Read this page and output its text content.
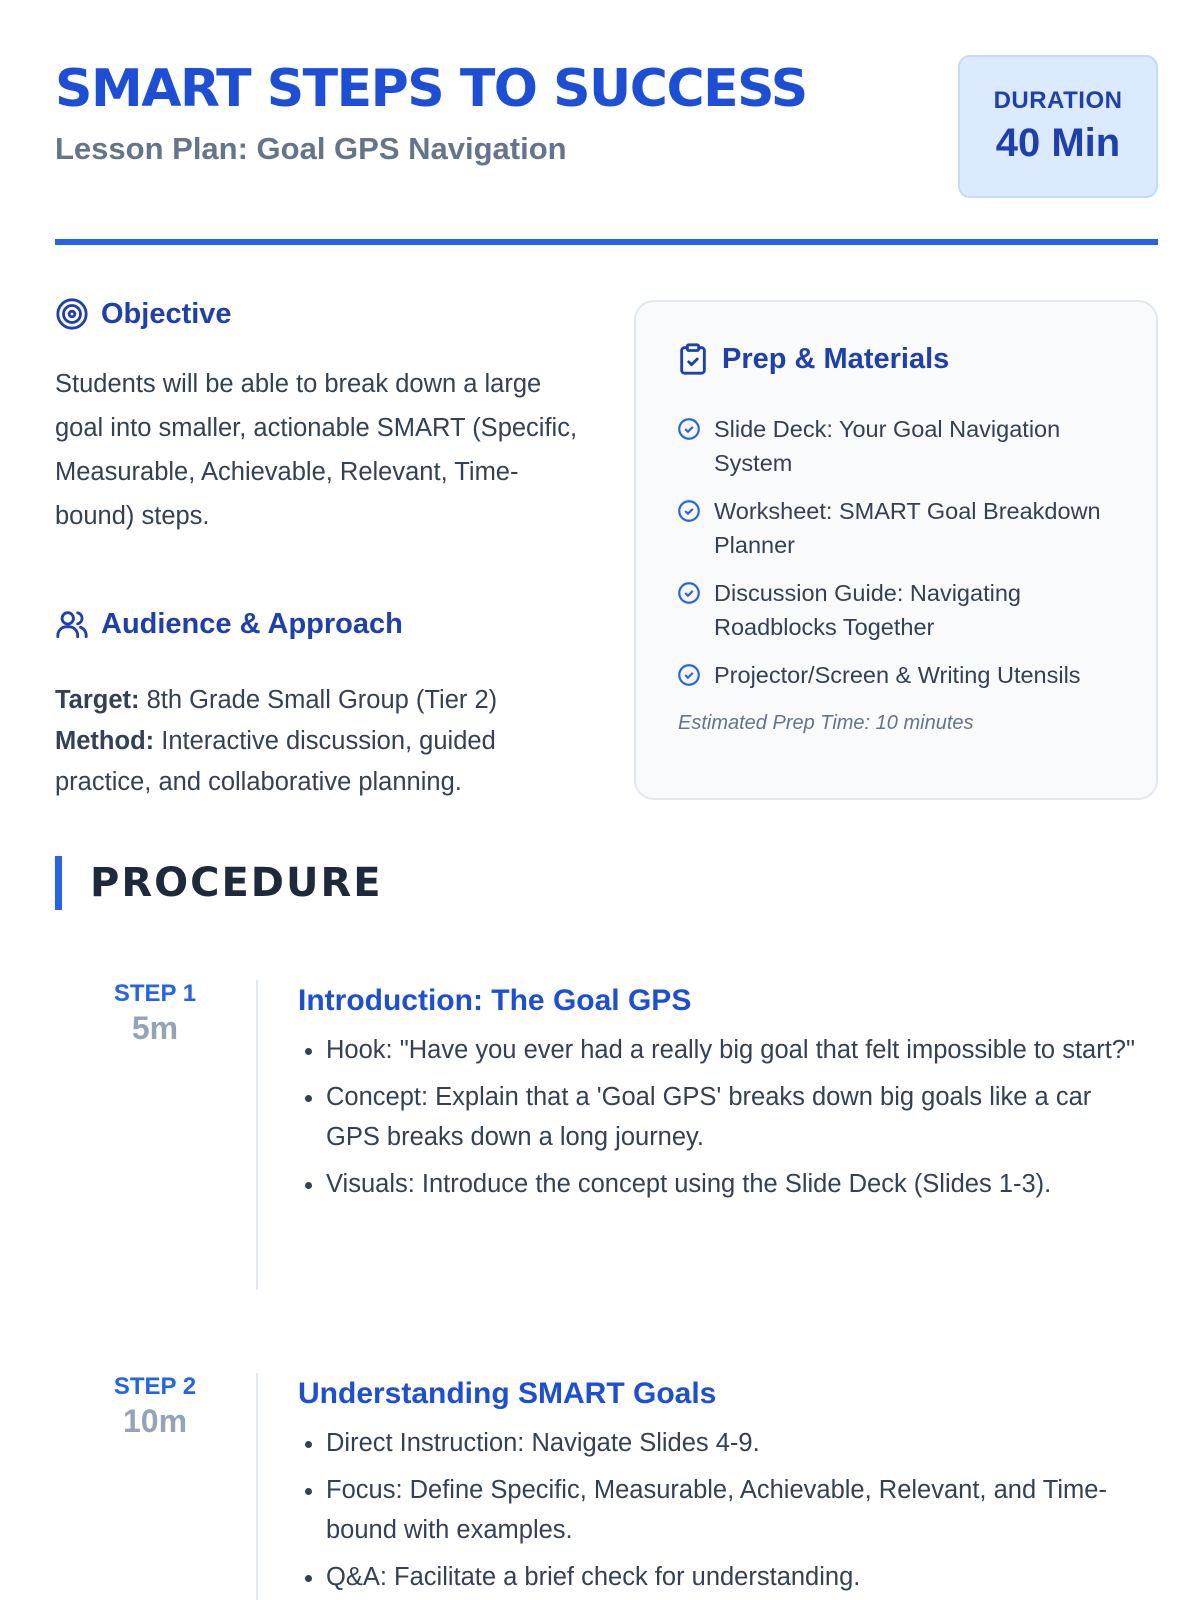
SMART STEPS TO SUCCESS
Lesson Plan: Goal GPS Navigation
DURATION
40 Min
Objective

Students will be able to break down a large goal into smaller, actionable SMART (Specific, Measurable, Achievable, Relevant, Time-bound) steps.

Audience & Approach
Target: 8th Grade Small Group (Tier 2)
Method: Interactive discussion, guided practice, and collaborative planning.
Prep & Materials
Slide Deck: Your Goal Navigation System
Worksheet: SMART Goal Breakdown Planner
Discussion Guide: Navigating Roadblocks Together
Projector/Screen & Writing Utensils
Estimated Prep Time: 10 minutes
PROCEDURE
STEP 1
5m
Introduction: The Goal GPS
• Hook: "Have you ever had a really big goal that felt impossible to start?"
• Concept: Explain that a 'Goal GPS' breaks down big goals like a car GPS breaks down a long journey.
• Visuals: Introduce the concept using the Slide Deck (Slides 1-3).
STEP 2
10m
Understanding SMART Goals
• Direct Instruction: Navigate Slides 4-9.
• Focus: Define Specific, Measurable, Achievable, Relevant, and Time-bound with examples.
• Q&A: Facilitate a brief check for understanding.
